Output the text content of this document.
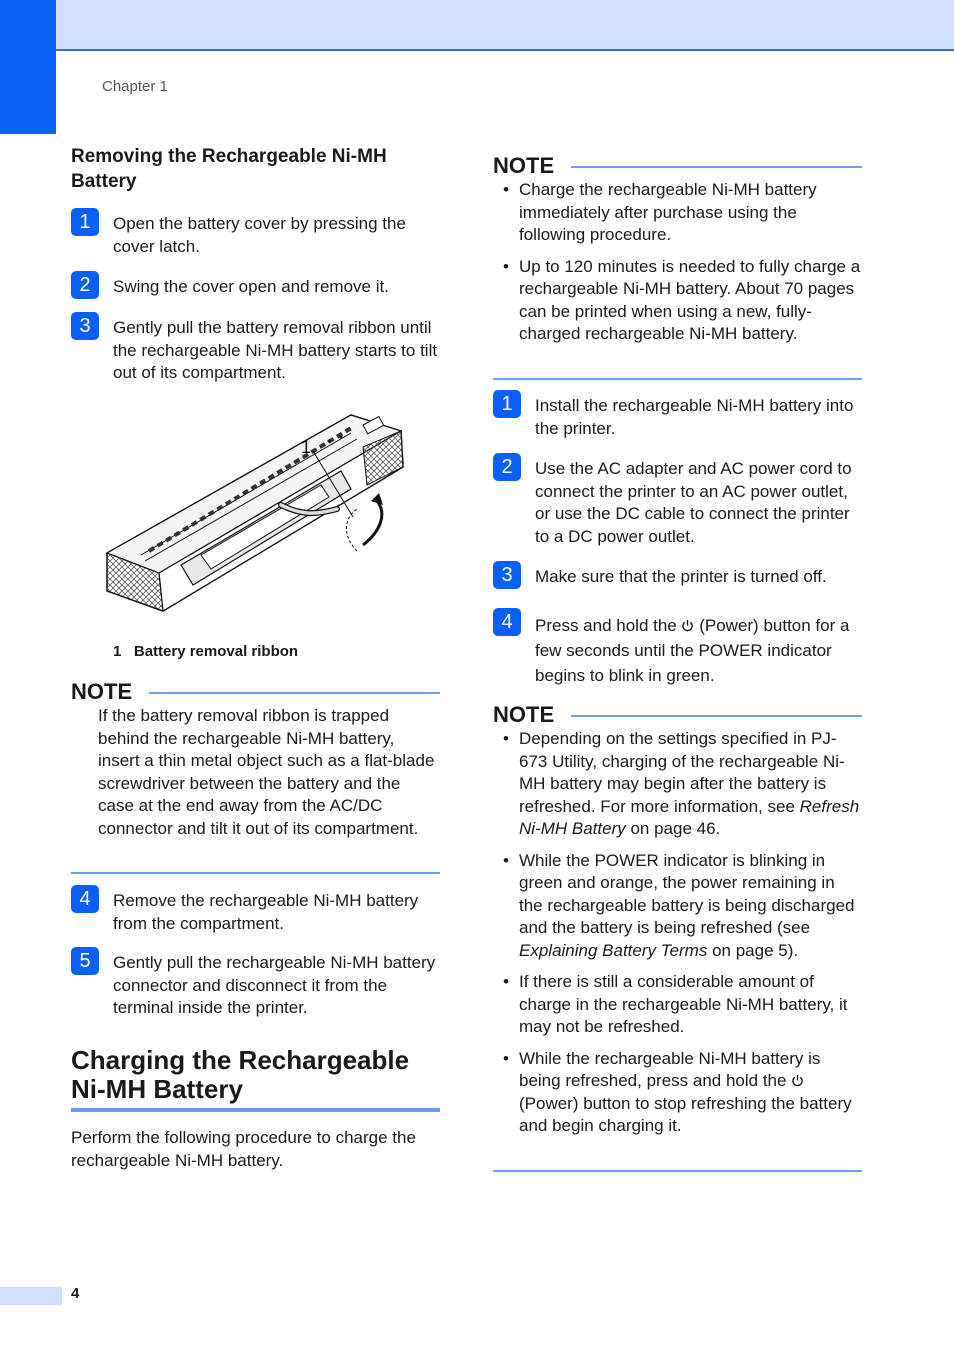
Chapter 1
Removing the Rechargeable Ni-MH Battery
1	Open the battery cover by pressing the cover latch.
2	Swing the cover open and remove it.
3	Gently pull the battery removal ribbon until the rechargeable Ni-MH battery starts to tilt out of its compartment.
1
1 Battery removal ribbon
NOTE
If the battery removal ribbon is trapped behind the rechargeable Ni-MH battery, insert a thin metal object such as a flat-blade screwdriver between the battery and the case at the end away from the AC/DC connector and tilt it out of its compartment.
4	Remove the rechargeable Ni-MH battery from the compartment.
5	Gently pull the rechargeable Ni-MH battery connector and disconnect it from the terminal inside the printer.
Charging the Rechargeable Ni-MH Battery
Perform the following procedure to charge the rechargeable Ni-MH battery.
NOTE
• Charge the rechargeable Ni-MH battery immediately after purchase using the following procedure.
• Up to 120 minutes is needed to fully charge a rechargeable Ni-MH battery. About 70 pages can be printed when using a new, fully-charged rechargeable Ni-MH battery.
1	Install the rechargeable Ni-MH battery into the printer.
2	Use the AC adapter and AC power cord to connect the printer to an AC power outlet, or use the DC cable to connect the printer to a DC power outlet.
3	Make sure that the printer is turned off.
4	Press and hold the  (Power) button for a few seconds until the POWER indicator begins to blink in green.
NOTE
• Depending on the settings specified in PJ-673 Utility, charging of the rechargeable Ni-MH battery may begin after the battery is refreshed. For more information, see Refresh Ni-MH Battery on page 46.
• While the POWER indicator is blinking in green and orange, the power remaining in the rechargeable battery is being discharged and the battery is being refreshed (see Explaining Battery Terms on page 5).
• If there is still a considerable amount of charge in the rechargeable Ni-MH battery, it may not be refreshed.
• While the rechargeable Ni-MH battery is being refreshed, press and hold the  (Power) button to stop refreshing the battery and begin charging it.
4
